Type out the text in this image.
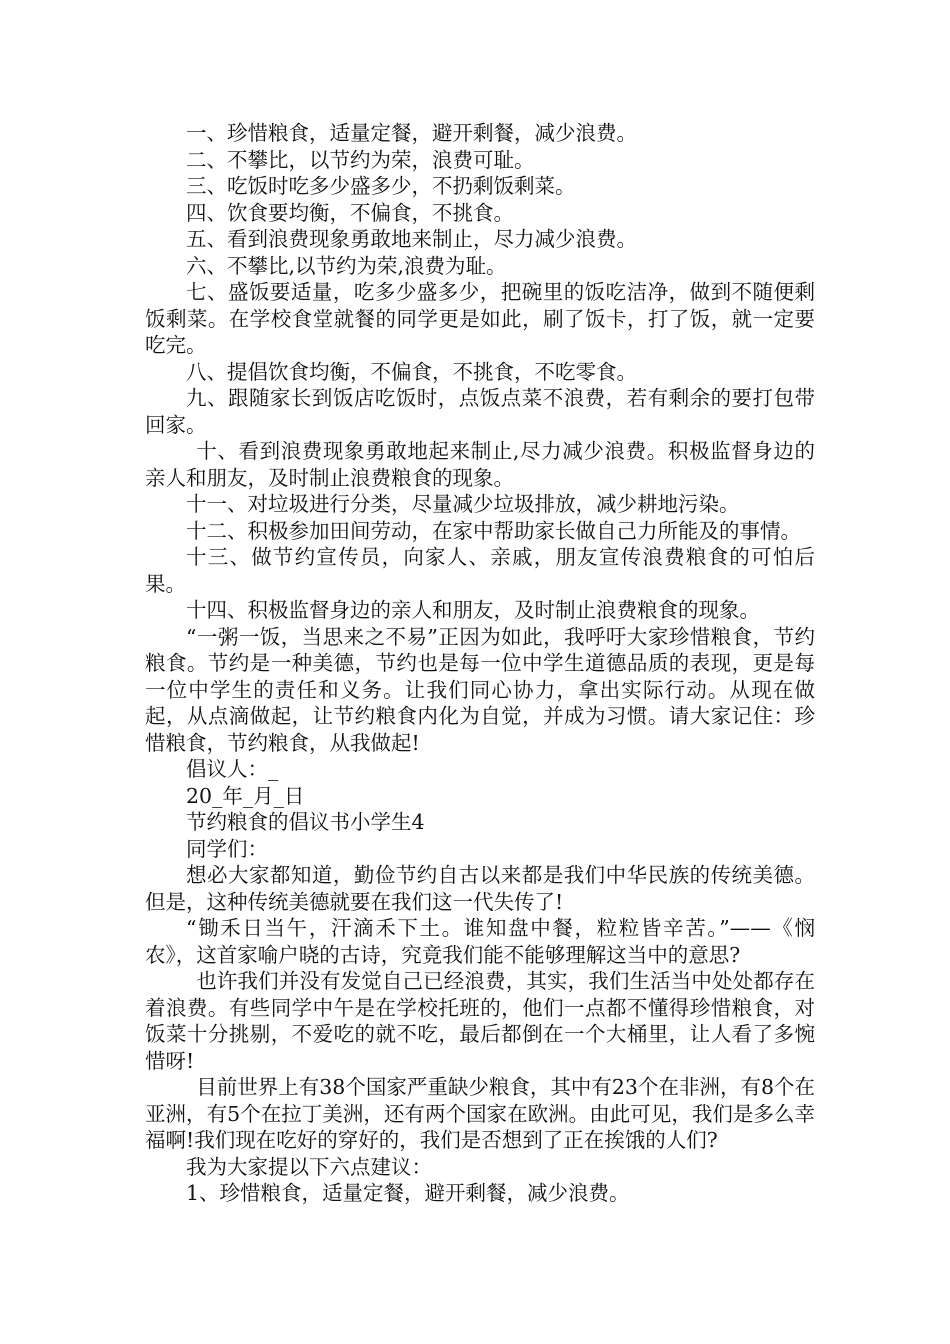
一、珍惜粮食，适量定餐，避开剩餐，减少浪费。

二、不攀比，以节约为荣，浪费可耻。

三、吃饭时吃多少盛多少，不扔剩饭剩菜。

四、饮食要均衡，不偏食，不挑食。

五、看到浪费现象勇敢地来制止，尽力减少浪费。

六、不攀比,以节约为荣,浪费为耻。

七、盛饭要适量，吃多少盛多少，把碗里的饭吃洁净，做到不随便剩饭剩菜。在学校食堂就餐的同学更是如此，刷了饭卡，打了饭，就一定要吃完。

八、提倡饮食均衡，不偏食，不挑食，不吃零食。

九、跟随家长到饭店吃饭时，点饭点菜不浪费，若有剩余的要打包带回家。

十、看到浪费现象勇敢地起来制止,尽力减少浪费。积极监督身边的亲人和朋友，及时制止浪费粮食的现象。

十一、对垃圾进行分类，尽量减少垃圾排放，减少耕地污染。

十二、积极参加田间劳动，在家中帮助家长做自己力所能及的事情。

十三、做节约宣传员，向家人、亲戚，朋友宣传浪费粮食的可怕后果。

十四、积极监督身边的亲人和朋友，及时制止浪费粮食的现象。

“一粥一饭，当思来之不易”正因为如此，我呼吁大家珍惜粮食，节约粮食。节约是一种美德，节约也是每一位中学生道德品质的表现，更是每一位中学生的责任和义务。让我们同心协力，拿出实际行动。从现在做起，从点滴做起，让节约粮食内化为自觉，并成为习惯。请大家记住：珍惜粮食，节约粮食，从我做起!

倡议人：_

20_年_月_日

节约粮食的倡议书小学生4

同学们：

想必大家都知道，勤俭节约自古以来都是我们中华民族的传统美德。但是，这种传统美德就要在我们这一代失传了!

“锄禾日当午，汗滴禾下土。谁知盘中餐，粒粒皆辛苦。”——《悯农》，这首家喻户晓的古诗，究竟我们能不能够理解这当中的意思?

也许我们并没有发觉自己已经浪费，其实，我们生活当中处处都存在着浪费。有些同学中午是在学校托班的，他们一点都不懂得珍惜粮食，对饭菜十分挑剔，不爱吃的就不吃，最后都倒在一个大桶里，让人看了多惋惜呀!

目前世界上有38个国家严重缺少粮食，其中有23个在非洲，有8个在亚洲，有5个在拉丁美洲，还有两个国家在欧洲。由此可见，我们是多么幸福啊!我们现在吃好的穿好的，我们是否想到了正在挨饿的人们?

我为大家提以下六点建议：

1、珍惜粮食，适量定餐，避开剩餐，减少浪费。
